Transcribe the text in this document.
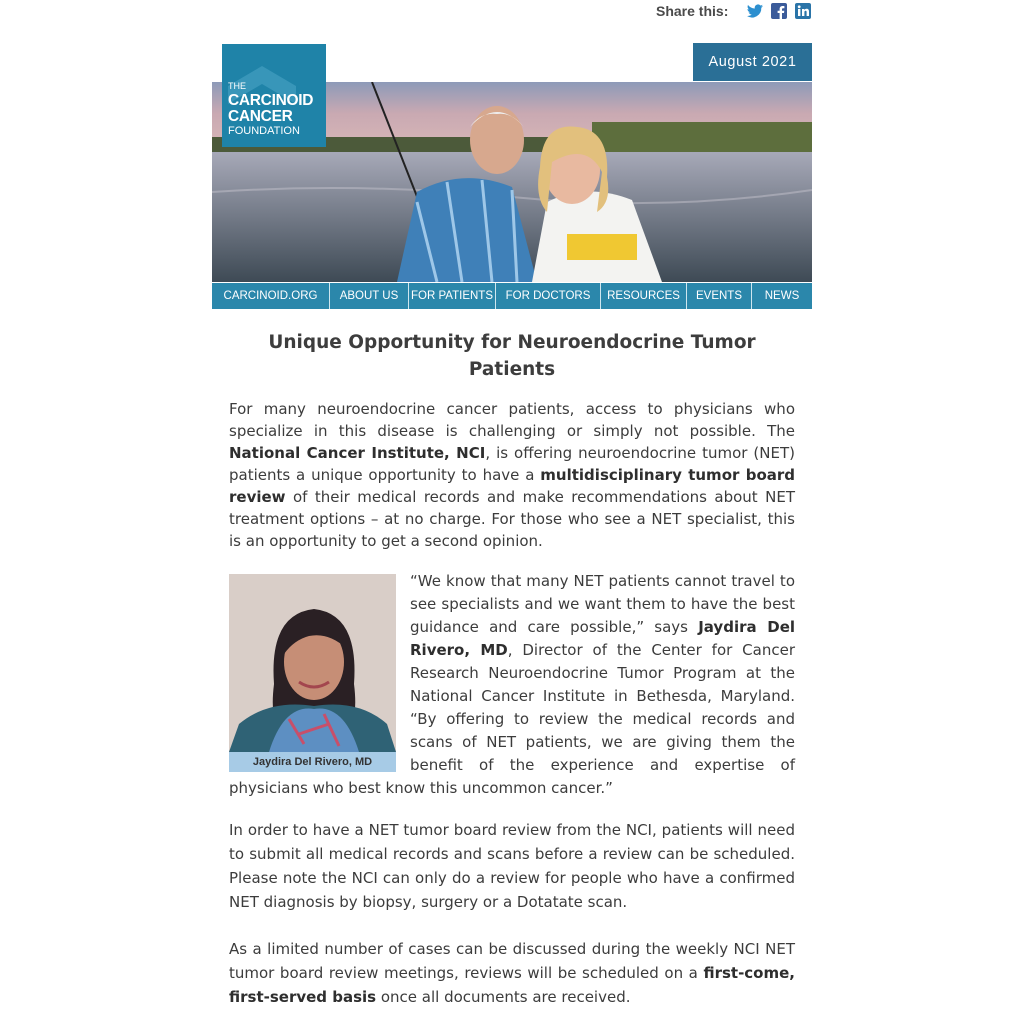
Share this:
August 2021
THE
CARCINOID
CANCER
FOUNDATION
CARCINOID.ORG	ABOUT US	FOR PATIENTS	FOR DOCTORS	RESOURCES	EVENTS	NEWS
Unique Opportunity for Neuroendocrine Tumor Patients

For many neuroendocrine cancer patients, access to physicians who specialize in this disease is challenging or simply not possible. The National Cancer Institute, NCI, is offering neuroendocrine tumor (NET) patients a unique opportunity to have a multidisciplinary tumor board review of their medical records and make recommendations about NET treatment options – at no charge. For those who see a NET specialist, this is an opportunity to get a second opinion.

Jaydira Del Rivero, MD
“We know that many NET patients cannot travel to see specialists and we want them to have the best guidance and care possible,” says Jaydira Del Rivero, MD, Director of the Center for Cancer Research Neuroendocrine Tumor Program at the National Cancer Institute in Bethesda, Maryland. “By offering to review the medical records and scans of NET patients, we are giving them the benefit of the experience and expertise of physicians who best know this uncommon cancer.”

In order to have a NET tumor board review from the NCI, patients will need to submit all medical records and scans before a review can be scheduled. Please note the NCI can only do a review for people who have a confirmed NET diagnosis by biopsy, surgery or a Dotatate scan.

As a limited number of cases can be discussed during the weekly NCI NET tumor board review meetings, reviews will be scheduled on a first-come, first-served basis once all documents are received.
